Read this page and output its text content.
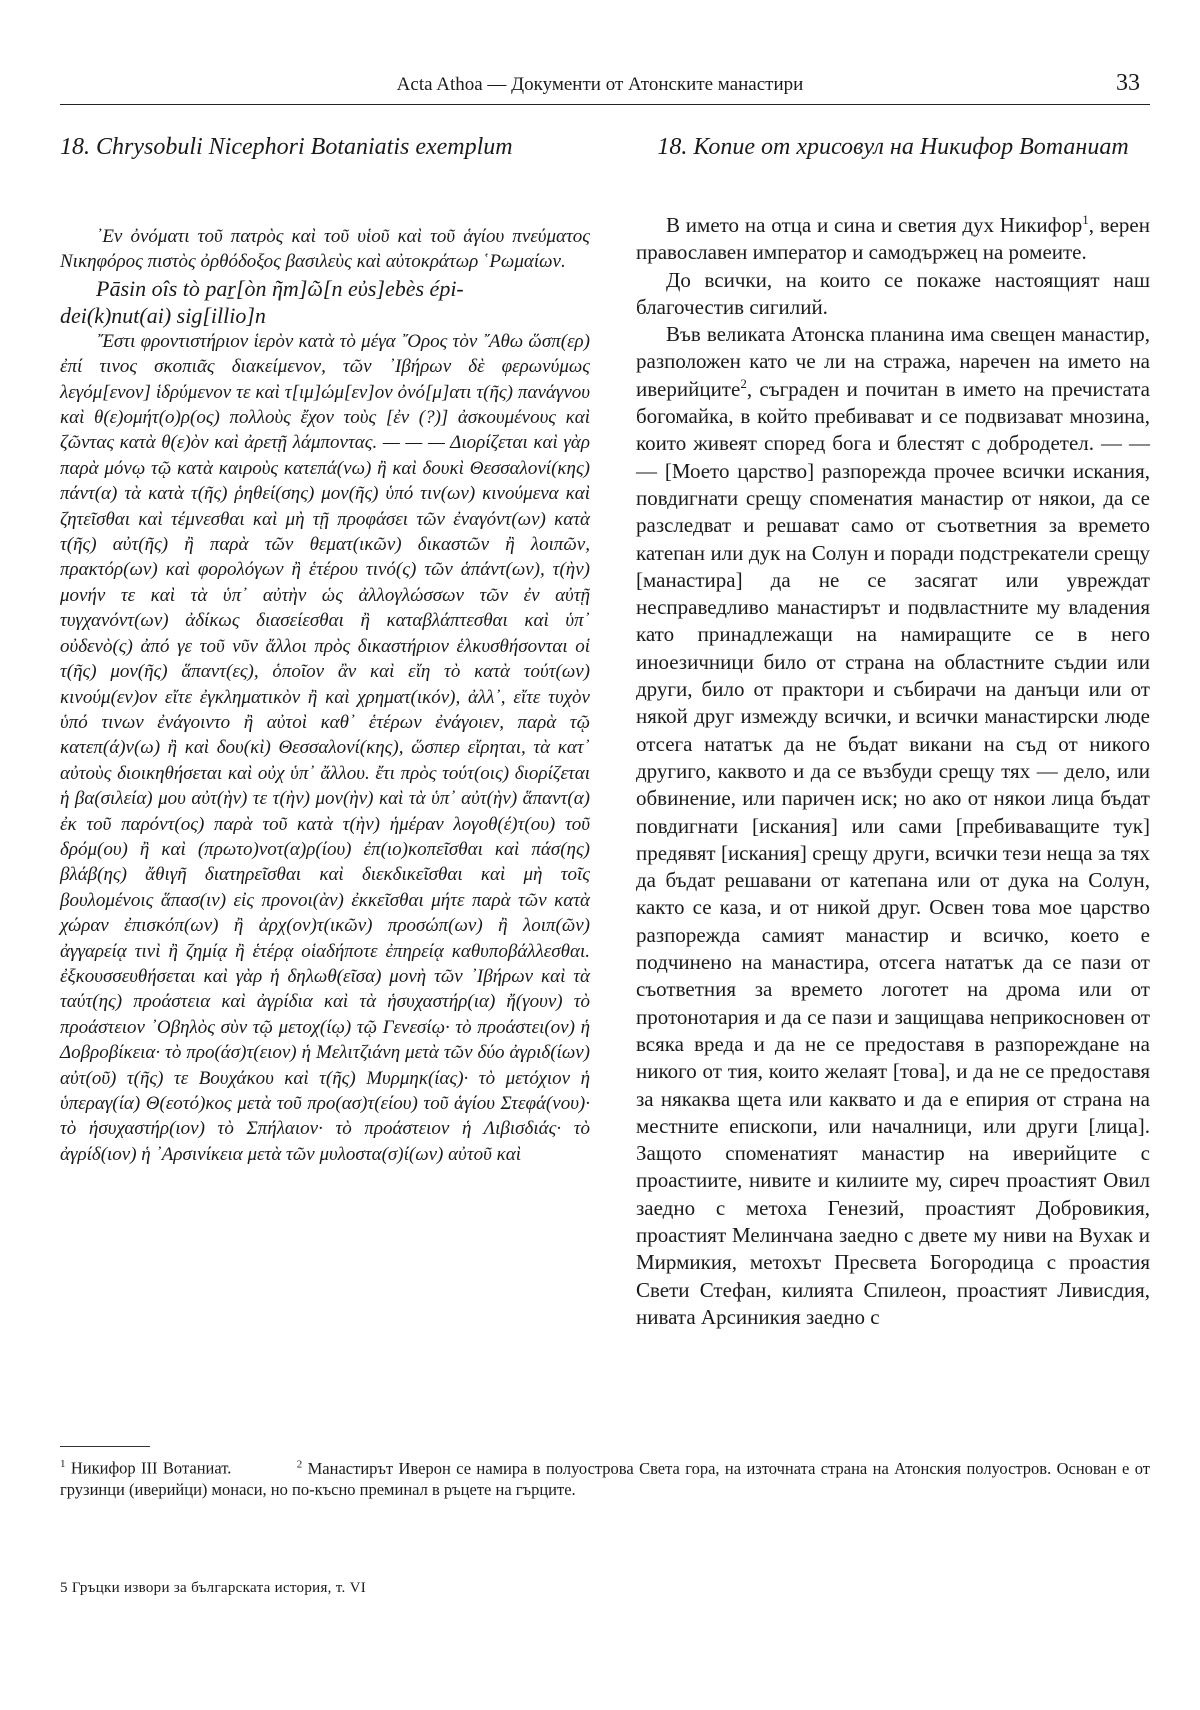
Acta Athoa — Документи от Атонските манастири	33
18. Chrysobuli Nicephori Botaniatis exemplum

᾿Εν ὀνόματι τοῦ πατρὸς καὶ τοῦ υἱοῦ καὶ τοῦ ἁγίου πνεύματος Νικηφόρος πιστὸς ὀρθόδοξος βασιλεὺς καὶ αὐτοκράτωρ ῾Ρωμαίων.

Pāsin oîs tò paṟ[òn ῆm]ῶ[n eὐs]ebès épi-
dei(k)nut(ai) sig[illio]n

῎Εστι φροντιστήριον ἱερὸν κατὰ τὸ μέγα ῎Ορος τὸν ῎Αθω ὥσπ(ερ) ἐπί τινος σκοπιᾶς διακείμενον, τῶν ᾿Ιβήρων δὲ φερωνύμως λεγόμ[ενον] ἱδρύμενον τε καὶ τ[ιμ]ώμ[εν]ον ὀνό[μ]ατι τ(ῆς) πανάγνου καὶ θ(ε)ομήτ(ο)ρ(ος) πολλοὺς ἔχον τοὺς [ἐν (?)] ἀσκουμένους καὶ ζῶντας κατὰ θ(ε)ὸν καὶ ἀρετῇ λάμποντας. — — — Διορίζεται καὶ γὰρ παρὰ μόνῳ τῷ κατὰ καιροὺς κατεπά(νω) ἢ καὶ δουκὶ Θεσσαλονί(κης) πάντ(α) τὰ κατὰ τ(ῆς) ῥηθεί(σης) μον(ῆς) ὑπό τιν(ων) κινούμενα καὶ ζητεῖσθαι καὶ τέμνεσθαι καὶ μὴ τῇ προφάσει τῶν ἐναγόντ(ων) κατὰ τ(ῆς) αὐτ(ῆς) ἢ παρὰ τῶν θεματ(ικῶν) δικαστῶν ἢ λοιπῶν, πρακτόρ(ων) καὶ φορολόγων ἢ ἑτέρου τινό(ς) τῶν ἁπάντ(ων), τ(ὴν) μονήν τε καὶ τὰ ὑπ᾿ αὐτὴν ὡς ἀλλογλώσσων τῶν ἐν αὐτῇ τυγχανόντ(ων) ἀδίκως διασείεσθαι ἢ καταβλάπτεσθαι καὶ ὑπ᾿ οὐδενὸ(ς) ἀπό γε τοῦ νῦν ἄλλοι πρὸς δικαστήριον ἑλκυσθήσονται οἱ τ(ῆς) μον(ῆς) ἅπαντ(ες), ὁποῖον ἂν καὶ εἴη τὸ κατὰ τούτ(ων) κινούμ(εν)ον εἴτε ἐγκληματικὸν ἢ καὶ χρηματ(ικόν), ἀλλ᾿, εἴτε τυχὸν ὑπό τινων ἐνάγοιντο ἢ αὐτοὶ καθ᾿ ἑτέρων ἐνάγοιεν, παρὰ τῷ κατεπ(ά)ν(ω) ἢ καὶ δου(κὶ) Θεσσαλονί(κης), ὥσπερ εἴρηται, τὰ κατ᾿ αὐτοὺς διοικηθήσεται καὶ οὐχ ὑπ᾿ ἄλλου. ἔτι πρὸς τούτ(οις) διορίζεται ἡ βα(σιλεία) μου αὐτ(ὴν) τε τ(ὴν) μον(ὴν) καὶ τὰ ὑπ᾿ αὐτ(ὴν) ἅπαντ(α) ἐκ τοῦ παρόντ(ος) παρὰ τοῦ κατὰ τ(ὴν) ἡμέραν λογοθ(έ)τ(ου) τοῦ δρόμ(ου) ἢ καὶ (πρωτο)νοτ(α)ρ(ίου) ἐπ(ιο)κοπεῖσθαι καὶ πάσ(ης) βλάβ(ης) ἄθιγῆ διατηρεῖσθαι καὶ διεκδικεῖσθαι καὶ μὴ τοῖς βουλομένοις ἅπασ(ιν) εἰς προνοι(ὰν) ἐκκεῖσθαι μήτε παρὰ τῶν κατὰ χώραν ἐπισκόπ(ων) ἢ ἀρχ(ον)τ(ικῶν) προσώπ(ων) ἢ λοιπ(ῶν) ἀγγαρείᾳ τινὶ ἢ ζημίᾳ ἢ ἑτέρᾳ οἱαδήποτε ἐπηρείᾳ καθυποβάλλεσθαι. ἐξκουσσευθήσεται καὶ γὰρ ἡ δηλωθ(εῖσα) μονὴ τῶν ᾿Ιβήρων καὶ τὰ ταύτ(ης) προάστεια καὶ ἀγρίδια καὶ τὰ ἡσυχαστήρ(ια) ἤ(γουν) τὸ προάστειον ᾿Οβηλὸς σὺν τῷ μετοχ(ίῳ) τῷ Γενεσίῳ· τὸ προάστει(ον) ἡ Δοβροβίκεια· τὸ προ(άσ)τ(ειον) ἡ Μελιτζιάνη μετὰ τῶν δύο ἀγριδ(ίων) αὐτ(οῦ) τ(ῆς) τε Βουχάκου καὶ τ(ῆς) Μυρμηκ(ίας)· τὸ μετόχιον ἡ ὑπεραγ(ία) Θ(εοτό)κος μετὰ τοῦ προ(ασ)τ(είου) τοῦ ἁγίου Στεφά(νου)· τὸ ἡσυχαστήρ(ιον) τὸ Σπήλαιον· τὸ προάστειον ἡ Λιβισδιάς· τὸ ἀγρίδ(ιον) ἡ ᾿Αρσινίκεια μετὰ τῶν μυλοστα(σ)ί(ων) αὐτοῦ καὶ

18. Копие от хрисовул на Никифор Вотаниат

В името на отца и сина и светия дух Никифор$^1$, верен православен император и самодържец на ромеите.

До всички, на които се покаже настоящият наш благочестив сигилий.

Във великата Атонска планина има свещен манастир, разположен като че ли на стража, наречен на името на иверийците$^2$, съграден и почитан в името на пречистата богомайка, в който пребивават и се подвизават мнозина, които живеят според бога и блестят с добродетел. — — — [Моето царство] разпорежда прочее всички искания, повдигнати срещу споменатия манастир от някои, да се разследват и решават само от съответния за времето катепан или дук на Солун и поради подстрекатели срещу [манастира] да не се засягат или увреждат несправедливо манастирът и подвластните му владения като принадлежащи на намиращите се в него иноезичници било от страна на областните съдии или други, било от практори и събирачи на данъци или от някой друг измежду всички, и всички манастирски люде отсега нататък да не бъдат викани на съд от никого другиго, каквото и да се възбуди срещу тях — дело, или обвинение, или паричен иск; но ако от някои лица бъдат повдигнати [искания] или сами [пребиваващите тук] предявят [искания] срещу други, всички тези неща за тях да бъдат решавани от катепана или от дука на Солун, както се каза, и от никой друг. Освен това мое царство разпорежда самият манастир и всичко, което е подчинено на манастира, отсега нататък да се пази от съответния за времето логотет на дрома или от протонотария и да се пази и защищава неприкосновен от всяка вреда и да не се предоставя в разпореждане на никого от тия, които желаят [това], и да не се предоставя за някаква щета или каквато и да е епирия от страна на местните епископи, или началници, или други [лица]. Защото споменатият манастир на иверийците с проастиите, нивите и килиите му, сиреч проастият Овил заедно с метоха Генезий, проастият Добровикия, проастият Мелинчана заедно с двете му ниви на Вухак и Мирмикия, метохът Пресвета Богородица с проастия Свети Стефан, килията Спилеон, проастият Ливисдия, нивата Арсиникия заедно с

$^1$ Никифор III Вотаниат.	$^2$ Манастирът Иверон се намира в полуострова Света гора, на източната страна на Атонския полуостров. Основан е от грузинци (иверийци) монаси, но по-късно преминал в ръцете на гърците.
5 Гръцки извори за българската история, т. VI
